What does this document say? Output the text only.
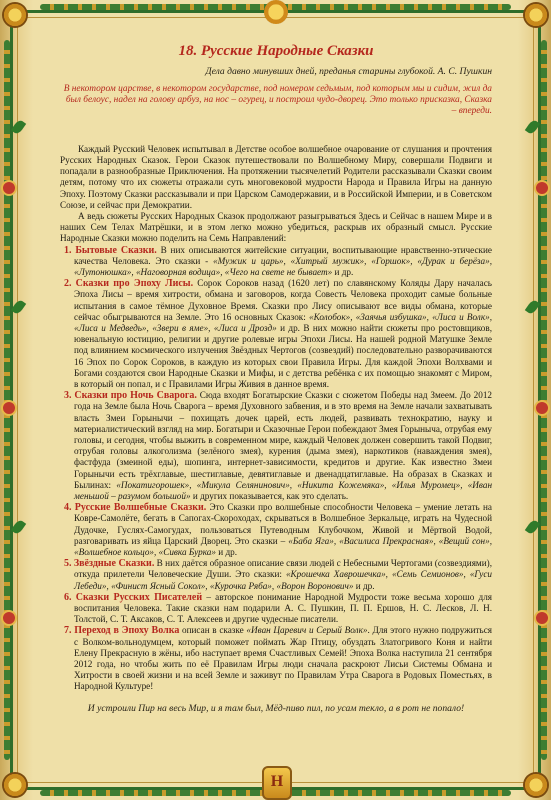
Н
18. Русские Народные Сказки
Дела давно минувших дней, преданья старины глубокой. А. С. Пушкин
В некотором царстве, в некотором государстве, под номером седьмым, под которым мы и сидим, жил да был белоус, надел на голову арбуз, на нос – огурец, и построил чудо-дворец. Это только присказка, Сказка – впереди.

Каждый Русский Человек испытывал в Детстве особое волшебное очарование от слушания и прочтения Русских Народных Сказок. Герои Сказок путешествовали по Волшебному Миру, совершали Подвиги и попадали в разнообразные Приключения. На протяжении тысячелетий Родители рассказывали Сказки своим детям, потому что их сюжеты отражали суть многовековой мудрости Народа и Правила Игры на данную Эпоху. Поэтому Сказки рассказывали и при Царском Самодержавии, и в Российской Империи, и в Советском Союзе, и сейчас при Демократии.

А ведь сюжеты Русских Народных Сказок продолжают разыгрываться Здесь и Сейчас в нашем Мире и в наших Сем Телах Матрёшки, и в этом легко можно убедиться, раскрыв их образный смысл. Русские Народные Сказки можно поделить на Семь Направлений:

1. Бытовые Сказки. В них описываются житейские ситуации, воспитывающие нравственно-этические качества Человека. Это сказки - «Мужик и царь», «Хитрый мужик», «Горшок», «Дурак и берёза», «Лутонюшка», «Наговорная водица», «Чего на свете не бывает» и др.
2. Сказки про Эпоху Лисы. Сорок Сороков назад (1620 лет) по славянскому Коляды Дару началась Эпоха Лисы – время хитрости, обмана и заговоров, когда Совесть Человека проходит самые больные испытания в самое тёмное Духовное Время. Сказки про Лису описывают все виды обмана, которые сейчас обыгрываются на Земле. Это 16 основных Сказок: «Колобок», «Заячья избушка», «Лиса и Волк», «Лиса и Медведь», «Звери в яме», «Лиса и Дрозд» и др. В них можно найти сюжеты про ростовщиков, ювенальную юстицию, религии и другие ролевые игры Эпохи Лисы. На нашей родной Матушке Земле под влиянием космического излучения Звёздных Чертогов (созвездий) последовательно разворачиваются 16 Эпох по Сорок Сороков, в каждую из которых свои Правила Игры. Для каждой Эпохи Волхвами и Богами создаются свои Народные Сказки и Мифы, и с детства ребёнка с их помощью знакомят с Миром, в который он попал, и с Правилами Игры Живия в данное время.
3. Сказки про Ночь Сварога. Сюда входят Богатырские Сказки с сюжетом Победы над Змеем. До 2012 года на Земле была Ночь Сварога – время Духовного забвения, и в это время на Земле начали захватывать власть Змеи Горынычи – похищать дочек царей, есть людей, развивать технократию, науку и материалистический взгляд на мир. Богатыри и Сказочные Герои побеждают Змея Горыныча, отрубая ему головы, и сегодня, чтобы выжить в современном мире, каждый Человек должен совершить такой Подвиг, отрубая головы алкоголизма (зелёного змея), курения (дыма змея), наркотиков (наваждения змея), фастфуда (змеиной еды), шопинга, интернет-зависимости, кредитов и другие. Как известно Змеи Горынычи есть трёхглавые, шестиглавые, девятиглавые и двенадцатиглавые. На образах в Сказках и Былинах: «Покатигорошек», «Микула Селянинович», «Никита Кожемяка», «Илья Муромец», «Иван меньшой – разумом большой» и других показывается, как это сделать.
4. Русские Волшебные Сказки. Это Сказки про волшебные способности Человека – умение летать на Ковре-Самолёте, бегать в Сапогах-Скороходах, скрываться в Волшебное Зеркальце, играть на Чудесной Дудочке, Гуслях-Самогудах, пользоваться Путеводным Клубочком, Живой и Мёртвой Водой, разговаривать из яйца Царский Дворец. Это сказки – «Баба Яга», «Василиса Прекрасная», «Вещий сон», «Волшебное кольцо», «Сивка Бурка» и др.
5. Звёздные Сказки. В них даётся образное описание связи людей с Небесными Чертогами (созвездиями), откуда прилетели Человеческие Души. Это сказки: «Крошечка Хаврошечка», «Семь Семионов», «Гуси Лебеди», «Финист Ясный Сокол», «Курочка Ряба», «Ворон Воронович» и др.
6. Сказки Русских Писателей – авторское понимание Народной Мудрости тоже весьма хорошо для воспитания Человека. Такие сказки нам подарили А. С. Пушкин, П. П. Ершов, Н. С. Лесков, Л. Н. Толстой, С. Т. Аксаков, С. Т. Алексеев и другие чудесные писатели.
7. Переход в Эпоху Волка описан в сказке «Иван Царевич и Серый Волк». Для этого нужно подружиться с Волком-вольнодумцем, который поможет поймать Жар Птицу, обуздать Златогривого Коня и найти Елену Прекрасную в жёны, ибо наступает время Счастливых Семей! Эпоха Волка наступила 21 сентября 2012 года, но чтобы жить по её Правилам Игры люди сначала раскроют Лисьи Системы Обмана и Хитрости в своей жизни и на всей Земле и заживут по Правилам Утра Сварога в Родовых Поместьях, в Народной Культуре!
И устроили Пир на весь Мир, и я там был, Мёд-пиво пил, по усам текло, а в рот не попало!
